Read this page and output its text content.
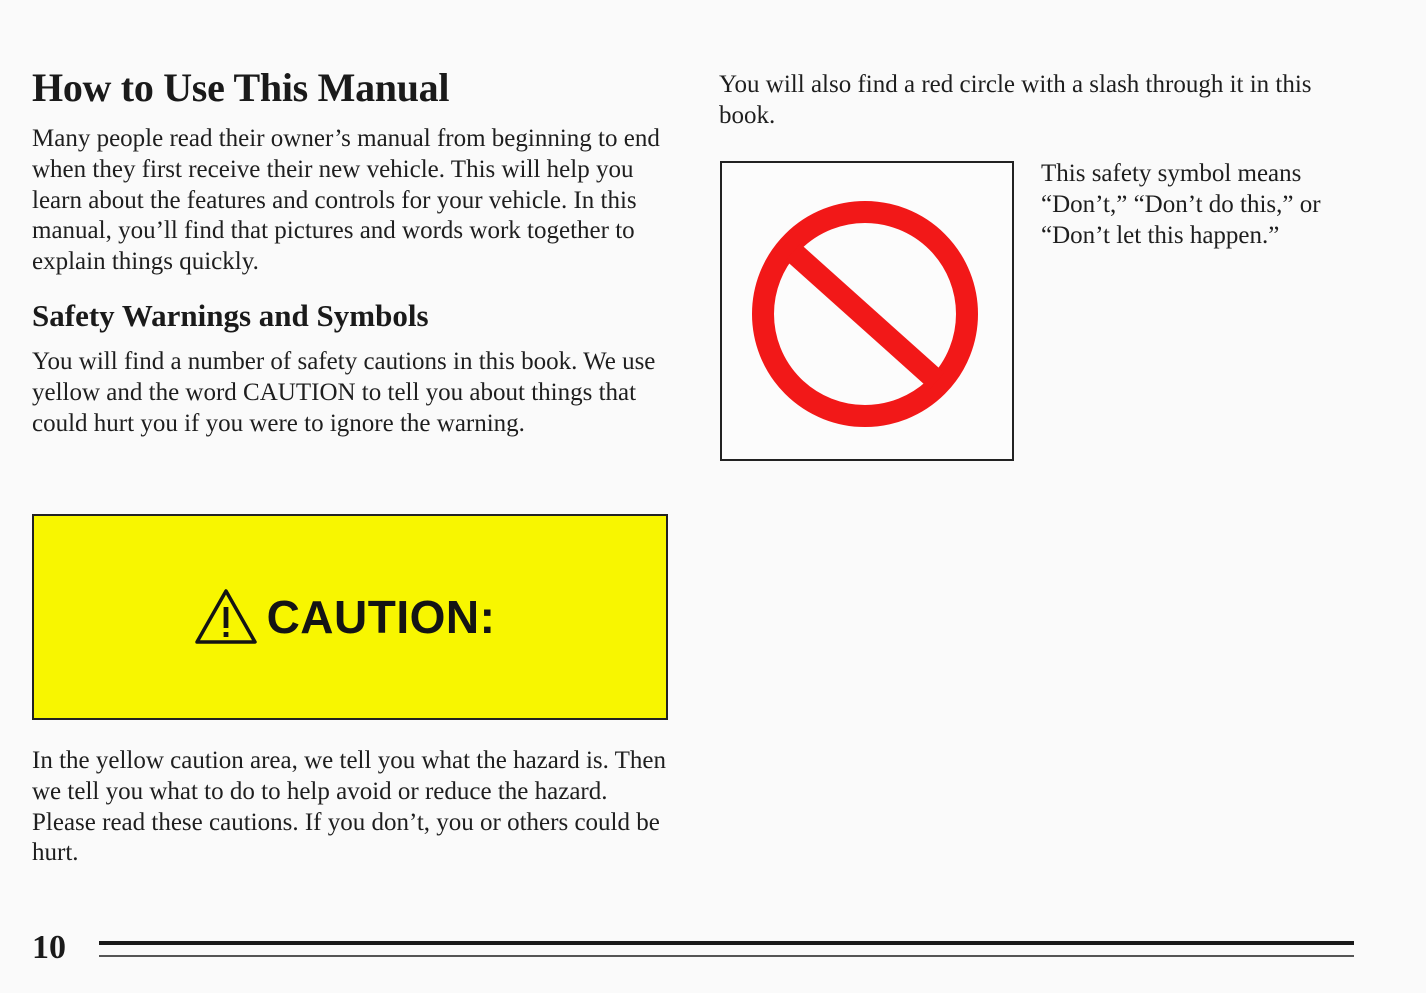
How to Use This Manual

Many people read their owner’s manual from beginning to end when they first receive their new vehicle. This will help you learn about the features and controls for your vehicle. In this manual, you’ll find that pictures and words work together to explain things quickly.

Safety Warnings and Symbols

You will find a number of safety cautions in this book. We use yellow and the word CAUTION to tell you about things that could hurt you if you were to ignore the warning.

CAUTION:

In the yellow caution area, we tell you what the hazard is. Then we tell you what to do to help avoid or reduce the hazard. Please read these cautions. If you don’t, you or others could be hurt.

You will also find a red circle with a slash through it in this book.

This safety symbol means “Don’t,” “Don’t do this,” or “Don’t let this happen.”

10
